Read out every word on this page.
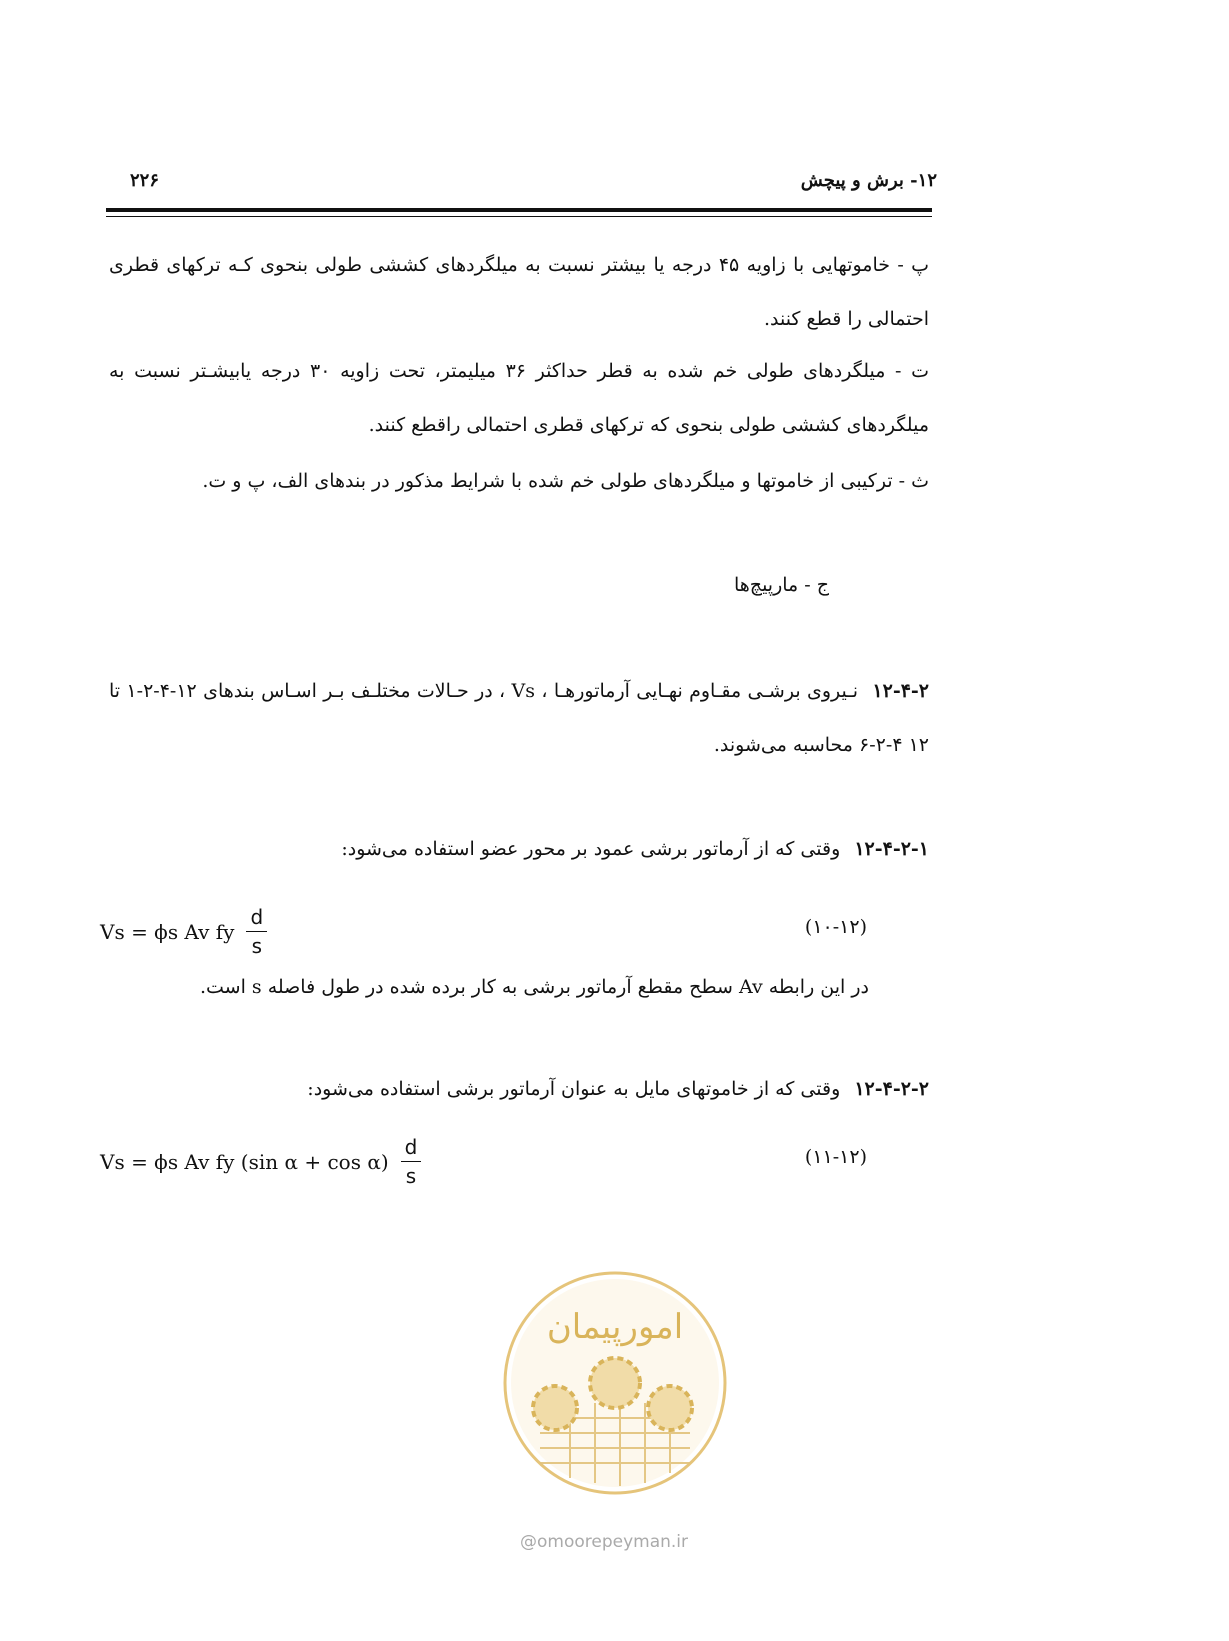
۱۲- برش و پیچش
۲۲۶
پ - خاموتهایی با زاویه ۴۵ درجه یا بیشتر نسبت به میلگردهای کششی طولی بنحوی کـه ترکهای قطری احتمالی را قطع کنند.
ت - میلگردهای طولی خم شده به قطر حداکثر ۳۶ میلیمتر، تحت زاویه ۳۰ درجه یابیشـتر نسبت به میلگردهای کششی طولی بنحوی که ترکهای قطری احتمالی راقطع کنند.
ث - ترکیبی از خاموتها و میلگردهای طولی خم شده با شرایط مذکور در بندهای الف، پ و ت.
ج - مارپیچ‌ها
۱۲-۴-۲ نـیروی برشـی مقـاوم نهـایی آرماتورهـا ، Vs ، در حـالات مختلـف بـر اسـاس بندهای ۱۲-۴-۲-۱ تا ۱۲ ۴-۲-۶ محاسبه می‌شوند.
۱۲-۴-۲-۱ وقتی که از آرماتور برشی عمود بر محور عضو استفاده می‌شود:
Vs = ϕs Av fy $\frac{d}{s}$	(۱۰-۱۲)
در این رابطه Av سطح مقطع آرماتور برشی به کار برده شده در طول فاصله s است.
۱۲-۴-۲-۲ وقتی که از خاموتهای مایل به عنوان آرماتور برشی استفاده می‌شود:
Vs = ϕs Av fy (sin $\alpha + \cos \alpha) \frac{d}{s}$	(۱۱-۱۲)
امورپیمان
@omoorepeyman.ir
